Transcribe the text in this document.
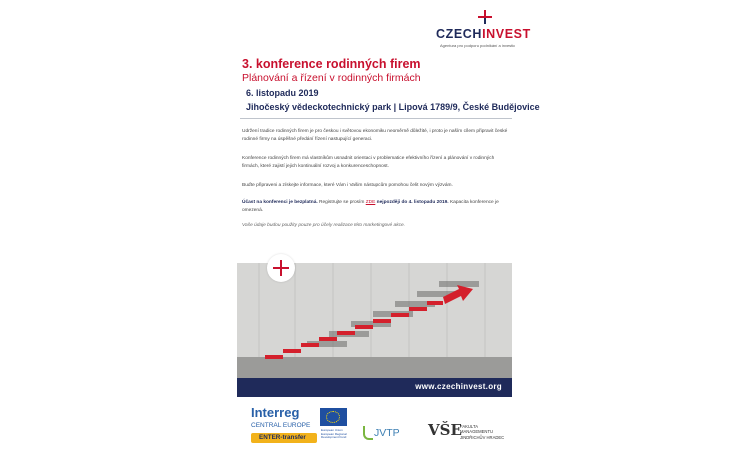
CZECHINVEST
Agentura pro podporu podnikání a investic
3. konference rodinných firem
Plánování a řízení v rodinných firmách
6. listopadu 2019
Jihočeský vědeckotechnický park | Lipová 1789/9, České Budějovice

Udržení tradice rodinných firem je pro českou i světovou ekonomiku neoměrně důležité, i proto je naším cílem připravit české rodinné firmy na úspěšné předání řízení nastupující generaci.

Konference rodinných firem má vlastníkům usnadnit orientaci v problematice efektivního řízení a plánování v rodinných firmách, které zajistí jejich kontinuální rozvoj a konkurenceschopnost.

Buďte připraveni a získejte informace, které Vám i Vašim nástupcům pomohou čelit novým výzvám.

Účast na konferenci je bezplatná. Registrujte se prosím ZDE nejpozději do 4. listopadu 2019. Kapacita konference je omezená.

Vaše údaje budou použity pouze pro účely realizace této marketingové akce.

www.czechinvest.org
Interreg
CENTRAL EUROPE
ENTER-transfer
European Union European Regional Development Fund	JVTP VŠE
FAKULTA
MANAGEMENTU
JINDŘICHŮV HRADEC
